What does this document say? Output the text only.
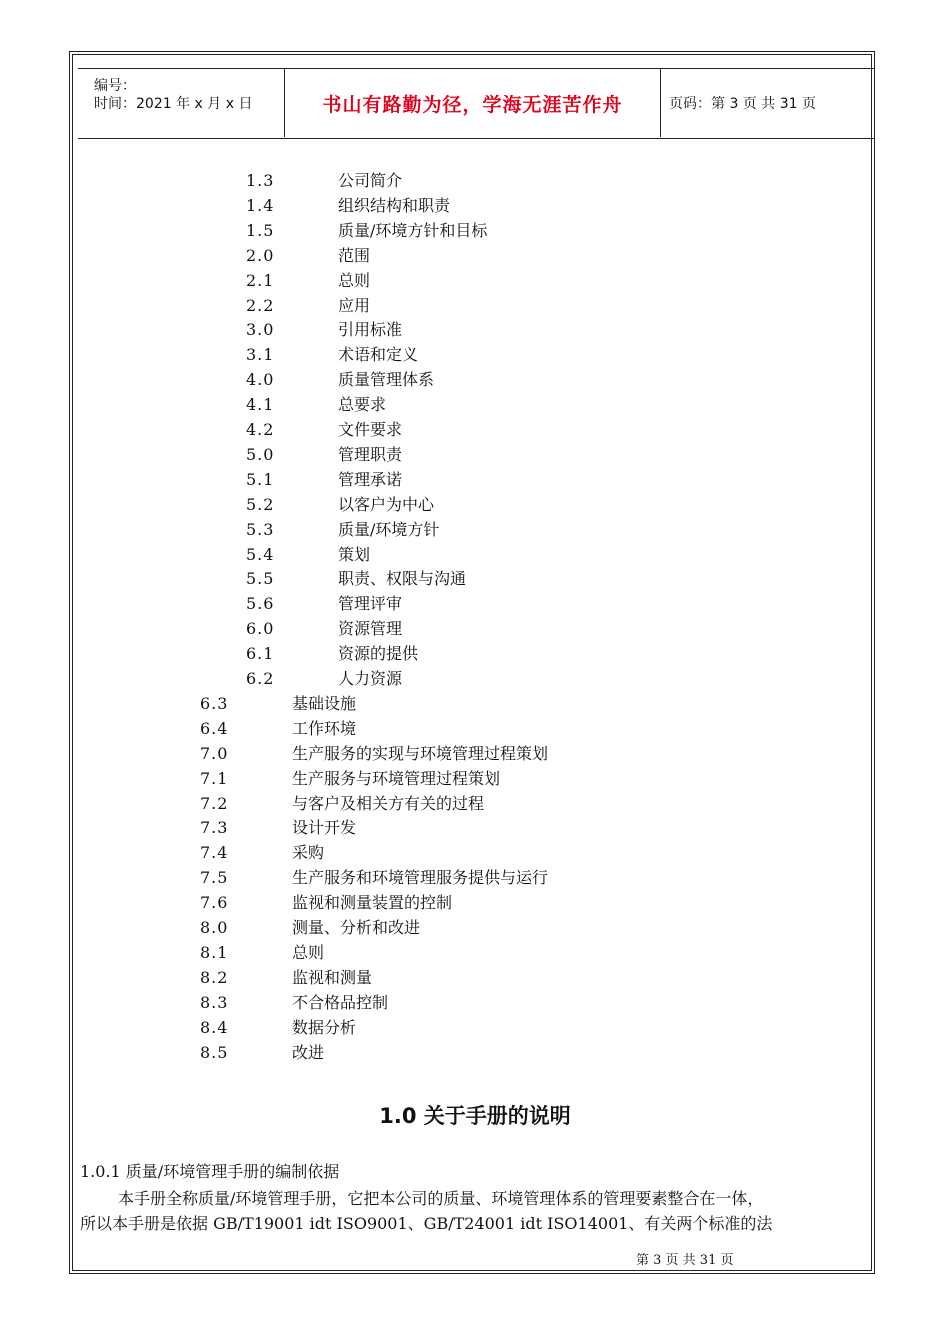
编号：
时间：2021 年 x 月 x 日	书山有路勤为径，学海无涯苦作舟	页码：第 3 页 共 31 页
1.3	公司简介
1.4	组织结构和职责
1.5	质量/环境方针和目标
2.0	范围
2.1	总则
2.2	应用
3.0	引用标准
3.1	术语和定义
4.0	质量管理体系
4.1	总要求
4.2	文件要求
5.0	管理职责
5.1	管理承诺
5.2	以客户为中心
5.3	质量/环境方针
5.4	策划
5.5	职责、权限与沟通
5.6	管理评审
6.0	资源管理
6.1	资源的提供
6.2	人力资源
6.3	基础设施
6.4	工作环境
7.0	生产服务的实现与环境管理过程策划
7.1	生产服务与环境管理过程策划
7.2	与客户及相关方有关的过程
7.3	设计开发
7.4	采购
7.5	生产服务和环境管理服务提供与运行
7.6	监视和测量装置的控制
8.0	测量、分析和改进
8.1	总则
8.2	监视和测量
8.3	不合格品控制
8.4	数据分析
8.5	改进
1.0 关于手册的说明
1.0.1 质量/环境管理手册的编制依据
本手册全称质量/环境管理手册，它把本公司的质量、环境管理体系的管理要素整合在一体，
所以本手册是依据 GB/T19001 idt ISO9001、GB/T24001 idt ISO14001、有关两个标准的法
第 3 页 共 31 页
